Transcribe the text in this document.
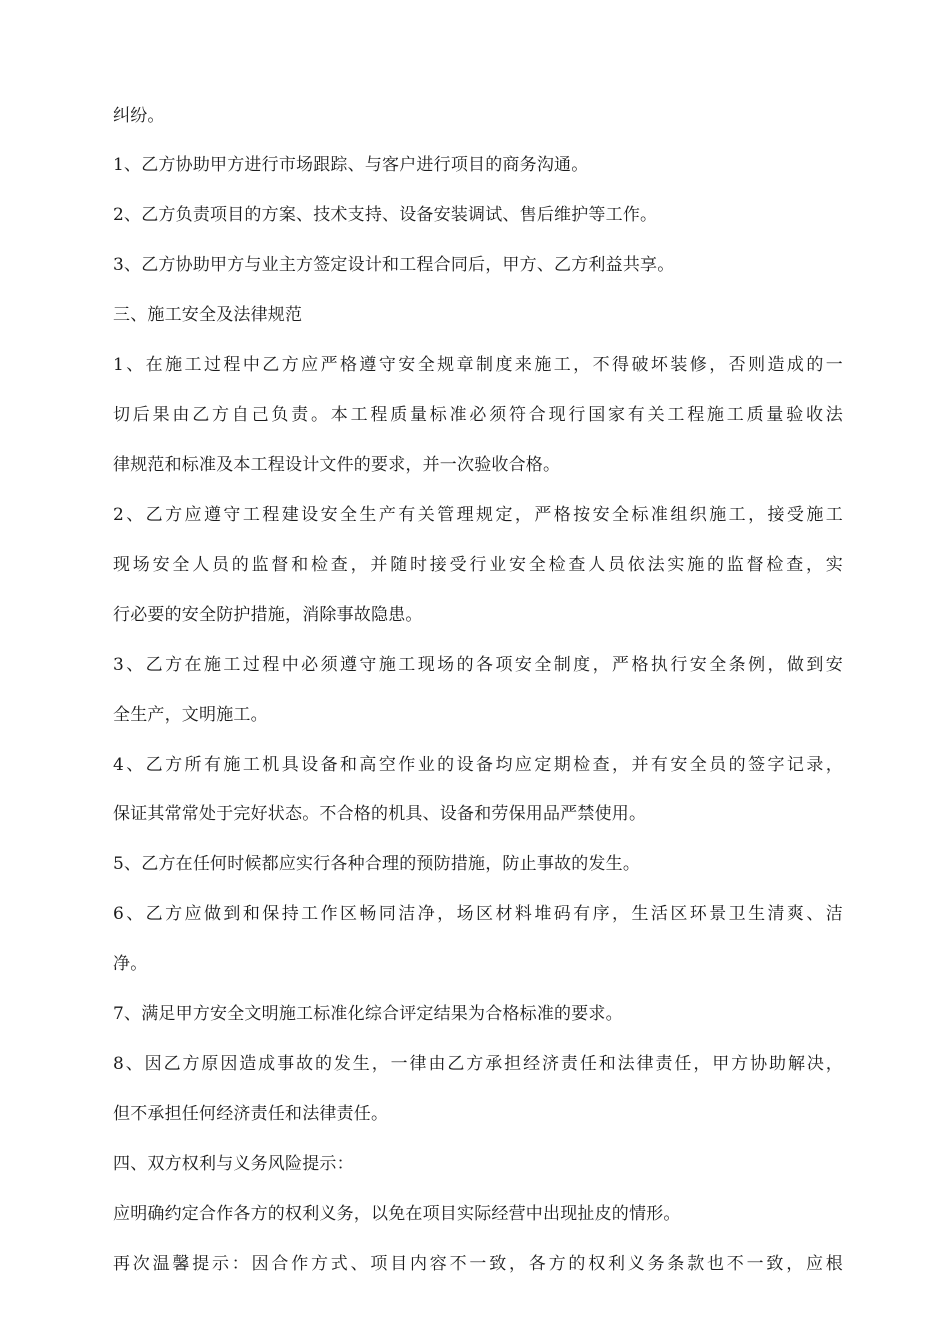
纠纷。
1、乙方协助甲方进行市场跟踪、与客户进行项目的商务沟通。
2、乙方负责项目的方案、技术支持、设备安装调试、售后维护等工作。
3、乙方协助甲方与业主方签定设计和工程合同后，甲方、乙方利益共享。
三、施工安全及法律规范
1、在施工过程中乙方应严格遵守安全规章制度来施工，不得破坏装修，否则造成的一
切后果由乙方自己负责。本工程质量标准必须符合现行国家有关工程施工质量验收法
律规范和标准及本工程设计文件的要求，并一次验收合格。
2、乙方应遵守工程建设安全生产有关管理规定，严格按安全标准组织施工，接受施工
现场安全人员的监督和检查，并随时接受行业安全检查人员依法实施的监督检查，实
行必要的安全防护措施，消除事故隐患。
3、乙方在施工过程中必须遵守施工现场的各项安全制度，严格执行安全条例，做到安
全生产，文明施工。
4、乙方所有施工机具设备和高空作业的设备均应定期检查，并有安全员的签字记录，
保证其常常处于完好状态。不合格的机具、设备和劳保用品严禁使用。
5、乙方在任何时候都应实行各种合理的预防措施，防止事故的发生。
6、乙方应做到和保持工作区畅同洁净，场区材料堆码有序，生活区环景卫生清爽、洁
净。
7、满足甲方安全文明施工标准化综合评定结果为合格标准的要求。
8、因乙方原因造成事故的发生，一律由乙方承担经济责任和法律责任，甲方协助解决，
但不承担任何经济责任和法律责任。
四、双方权利与义务风险提示：
应明确约定合作各方的权利义务，以免在项目实际经营中出现扯皮的情形。
再次温馨提示：因合作方式、项目内容不一致，各方的权利义务条款也不一致，应根
